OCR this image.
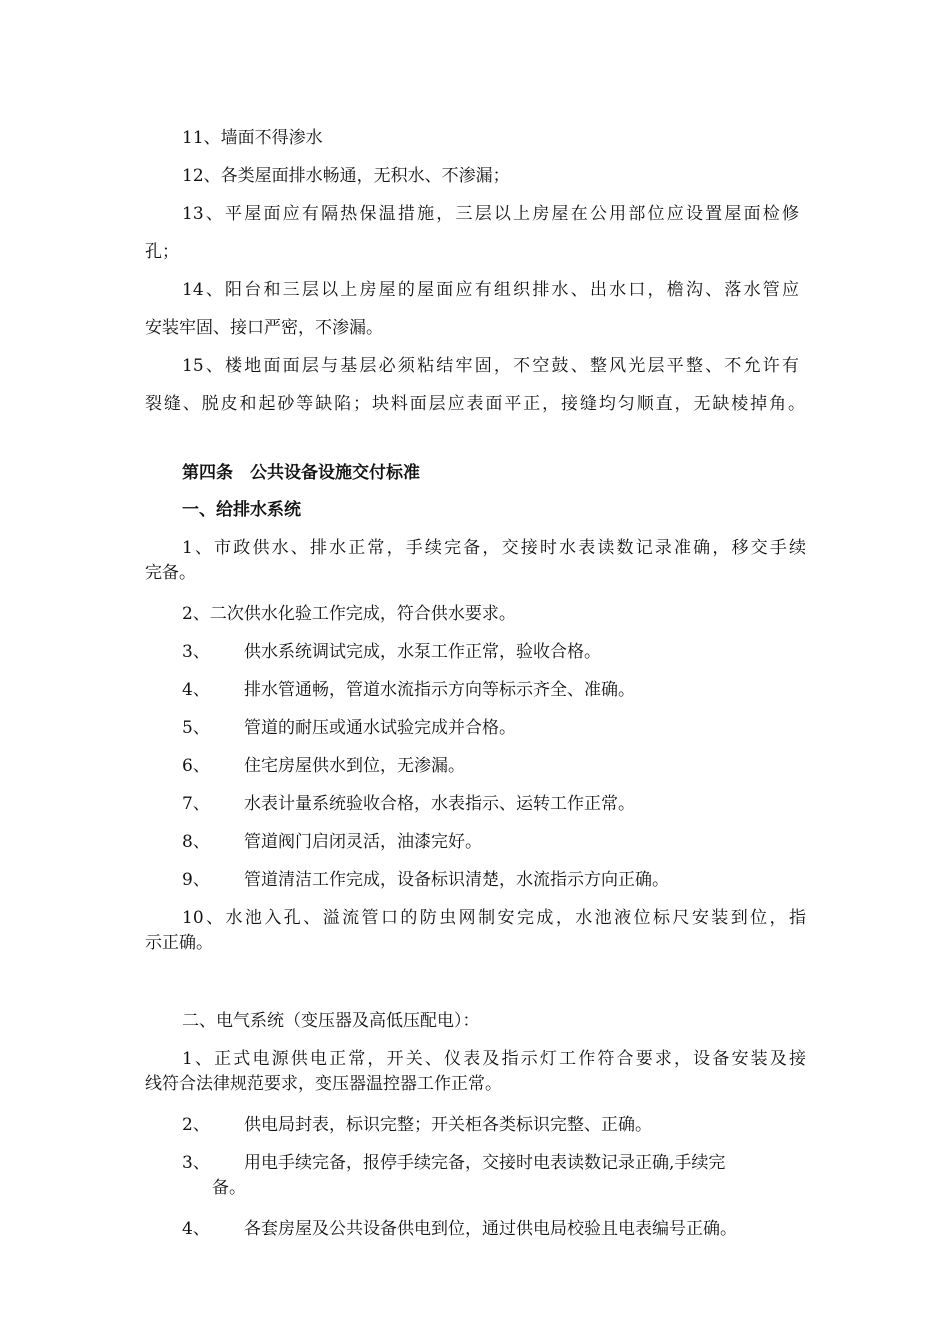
11、墙面不得渗水
12、各类屋面排水畅通，无积水、不渗漏；
13、平屋面应有隔热保温措施，三层以上房屋在公用部位应设置屋面检修
孔；
14、阳台和三层以上房屋的屋面应有组织排水、出水口，檐沟、落水管应
安装牢固、接口严密，不渗漏。
15、楼地面面层与基层必须粘结牢固，不空鼓、整风光层平整、不允许有
裂缝、脱皮和起砂等缺陷；块料面层应表面平正，接缝均匀顺直，无缺棱掉角。
第四条　公共设备设施交付标准
一、给排水系统
1、市政供水、排水正常，手续完备，交接时水表读数记录准确，移交手续
完备。
2、二次供水化验工作完成，符合供水要求。
3、 供水系统调试完成，水泵工作正常，验收合格。
4、 排水管通畅，管道水流指示方向等标示齐全、准确。
5、 管道的耐压或通水试验完成并合格。
6、 住宅房屋供水到位，无渗漏。
7、 水表计量系统验收合格，水表指示、运转工作正常。
8、 管道阀门启闭灵活，油漆完好。
9、 管道清洁工作完成，设备标识清楚，水流指示方向正确。
10、水池入孔、溢流管口的防虫网制安完成，水池液位标尺安装到位，指
示正确。
二、电气系统（变压器及高低压配电）：
1、正式电源供电正常，开关、仪表及指示灯工作符合要求，设备安装及接
线符合法律规范要求，变压器温控器工作正常。
2、 供电局封表，标识完整；开关柜各类标识完整、正确。
3、 用电手续完备，报停手续完备，交接时电表读数记录正确,手续完
备。
4、 各套房屋及公共设备供电到位，通过供电局校验且电表编号正确。
